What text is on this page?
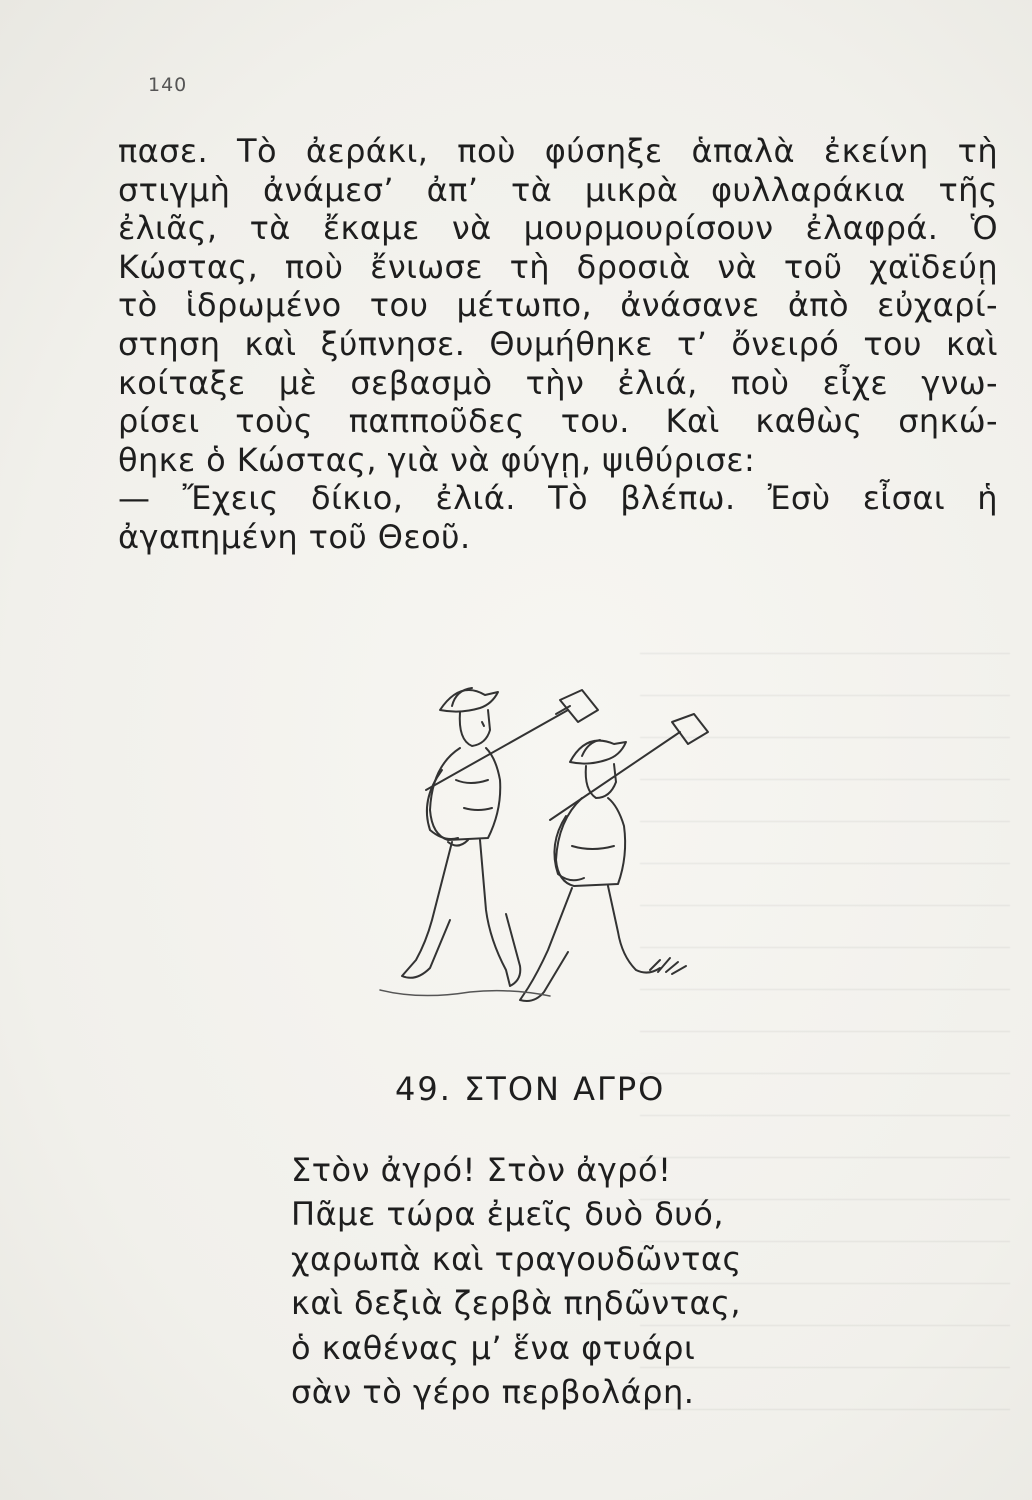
140
πασε. Τὸ ἀεράκι, ποὺ φύσηξε ἁπαλὰ ἐκείνη τὴ
στιγμὴ ἀνάμεσ’ ἀπ’ τὰ μικρὰ φυλλαράκια τῆς
ἐλιᾶς, τὰ ἔκαμε νὰ μουρμουρίσουν ἐλαφρά. Ὁ
Κώστας, ποὺ ἔνιωσε τὴ δροσιὰ νὰ τοῦ χαϊδεύῃ
τὸ ἱδρωμένο του μέτωπο, ἀνάσανε ἀπὸ εὐχαρί-
στηση καὶ ξύπνησε. Θυμήθηκε τ’ ὄνειρό του καὶ
κοίταξε μὲ σεβασμὸ τὴν ἐλιά, ποὺ εἶχε γνω-
ρίσει τοὺς παπποῦδες του. Καὶ καθὼς σηκώ-
θηκε ὁ Κώστας, γιὰ νὰ φύγῃ, ψιθύρισε:
— Ἔχεις δίκιο, ἐλιά. Τὸ βλέπω. Ἐσὺ εἶσαι ἡ
ἀγαπημένη τοῦ Θεοῦ.
49. ΣΤΟΝ ΑΓΡΟ
Στὸν ἀγρό! Στὸν ἀγρό!
Πᾶμε τώρα ἐμεῖς δυὸ δυό,
χαρωπὰ καὶ τραγουδῶντας
καὶ δεξιὰ ζερβὰ πηδῶντας,
ὁ καθένας μ’ ἕνα φτυάρι
σὰν τὸ γέρο περβολάρη.
